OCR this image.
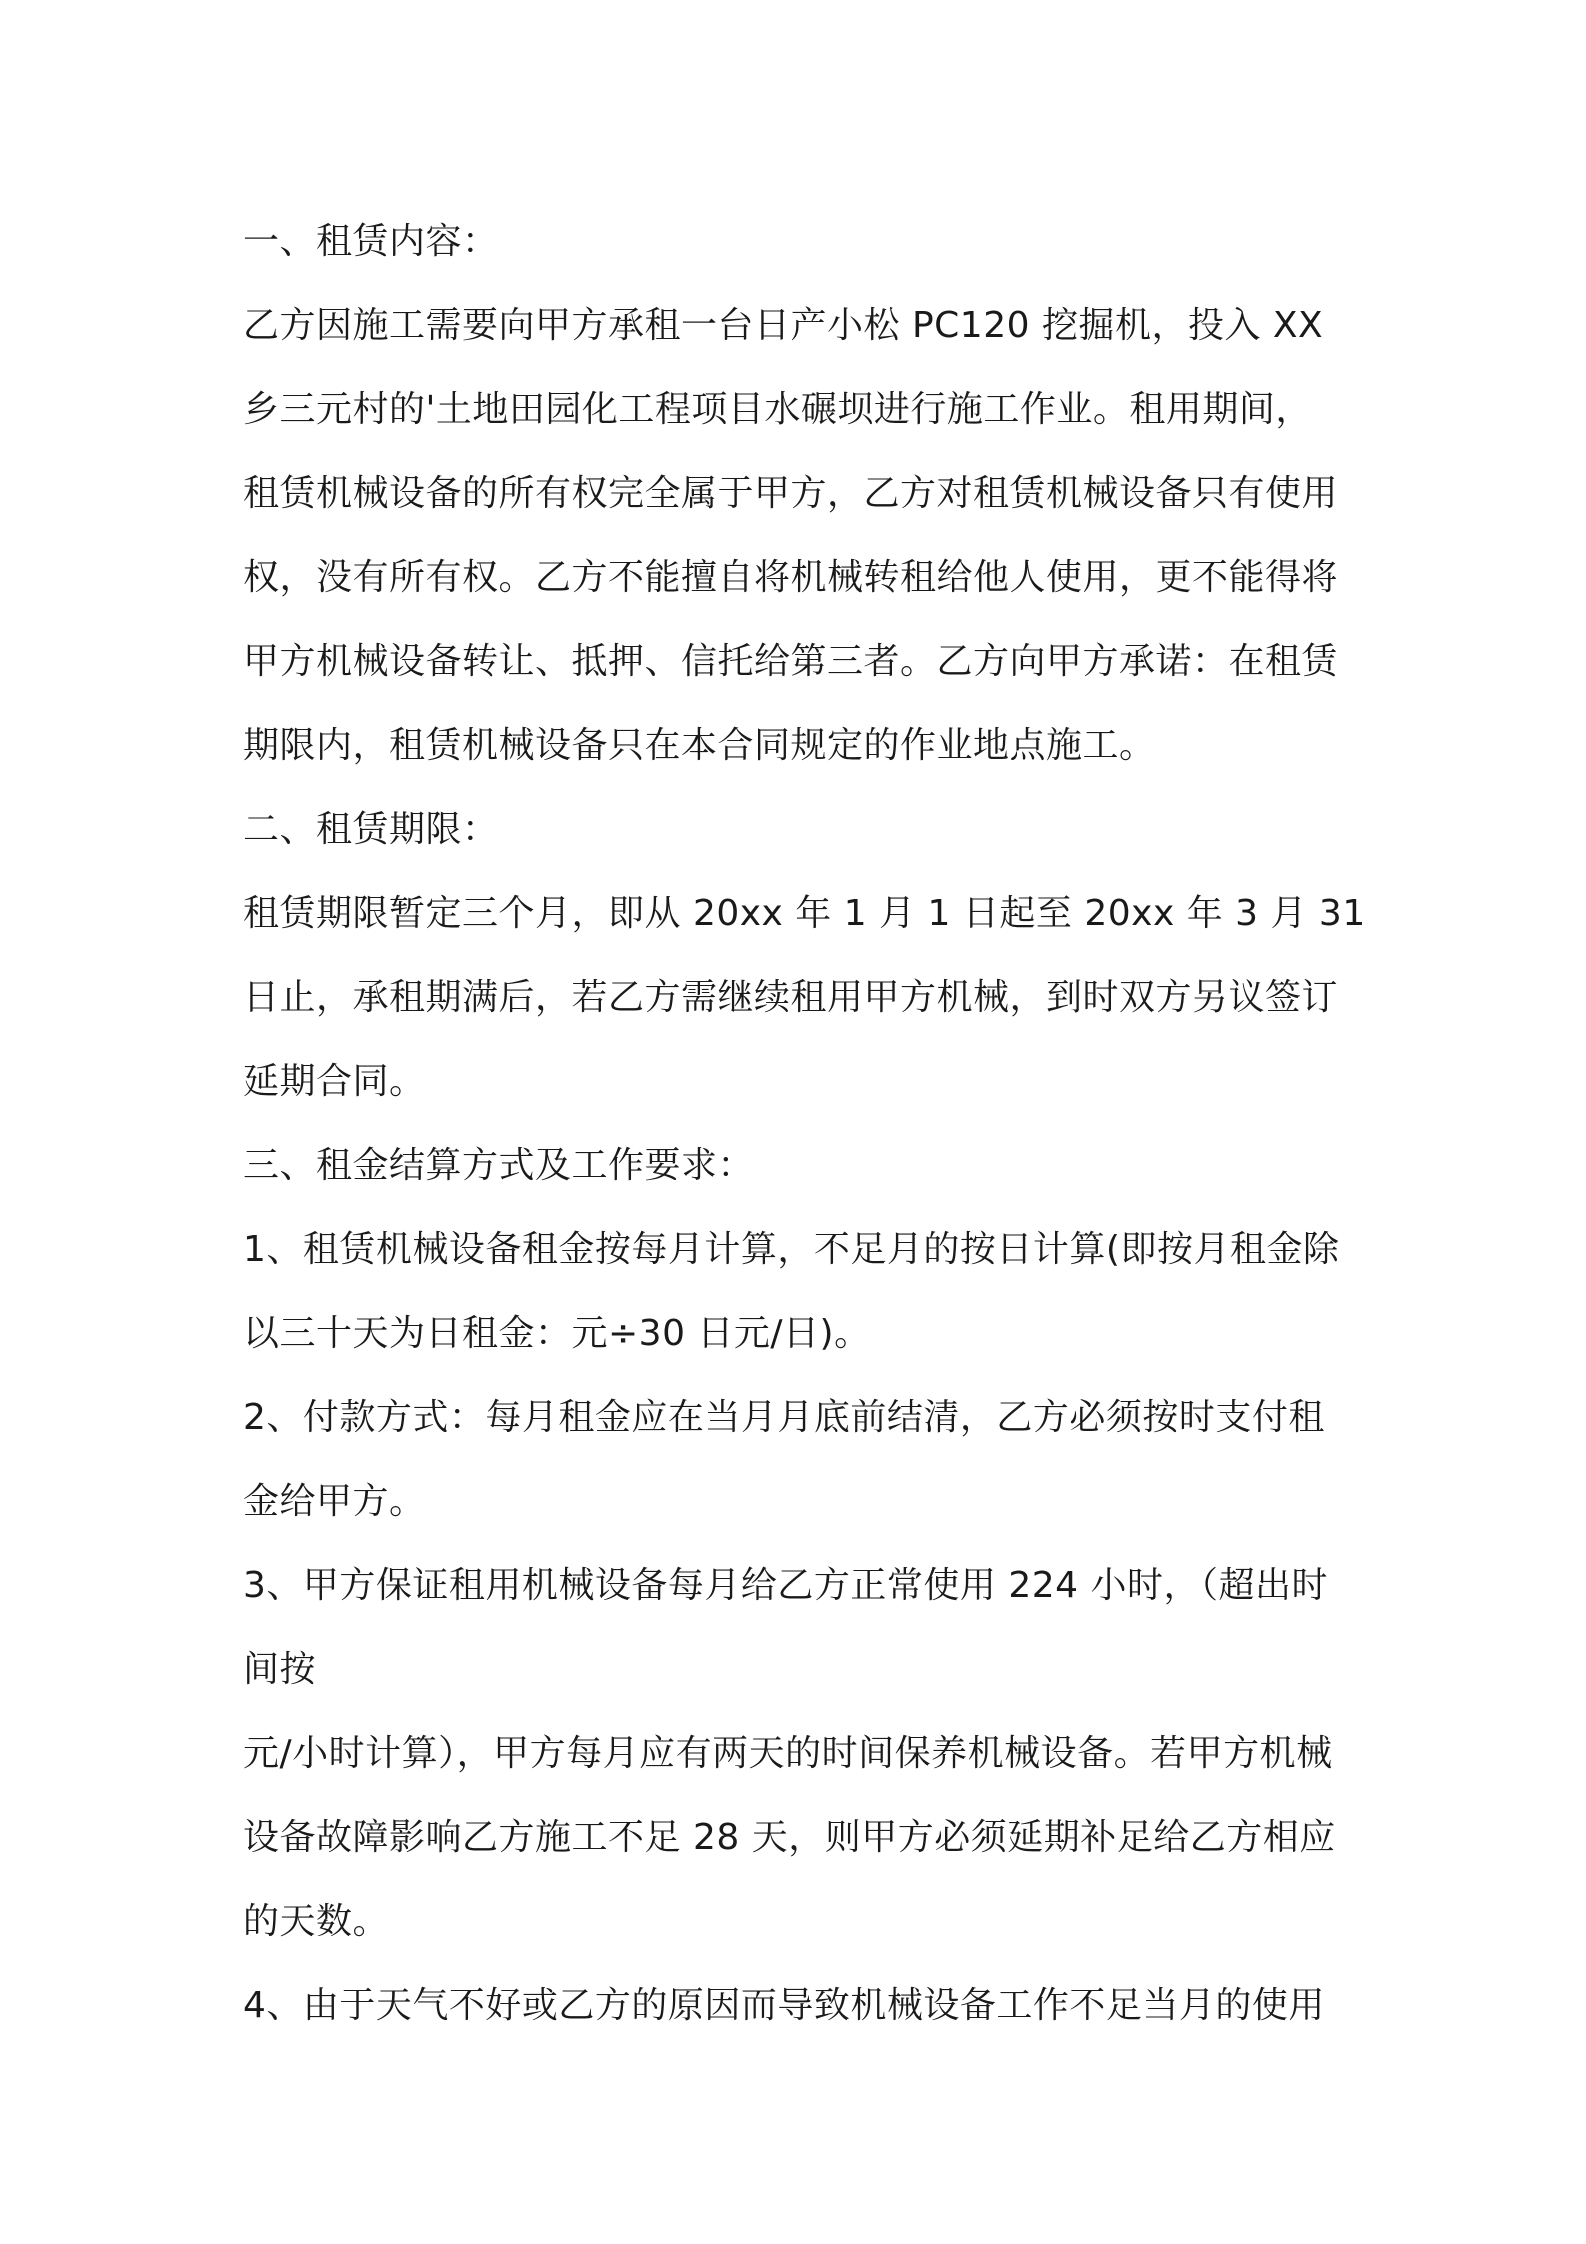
一、租赁内容：
乙方因施工需要向甲方承租一台日产小松 PC120 挖掘机，投入 XX
乡三元村的'土地田园化工程项目水碾坝进行施工作业。租用期间，
租赁机械设备的所有权完全属于甲方，乙方对租赁机械设备只有使用
权，没有所有权。乙方不能擅自将机械转租给他人使用，更不能得将
甲方机械设备转让、抵押、信托给第三者。乙方向甲方承诺：在租赁
期限内，租赁机械设备只在本合同规定的作业地点施工。
二、租赁期限：
租赁期限暂定三个月，即从 20xx 年 1 月 1 日起至 20xx 年 3 月 31
日止，承租期满后，若乙方需继续租用甲方机械，到时双方另议签订
延期合同。
三、租金结算方式及工作要求：
1、租赁机械设备租金按每月计算，不足月的按日计算(即按月租金除
以三十天为日租金：元÷30 日元/日)。
2、付款方式：每月租金应在当月月底前结清，乙方必须按时支付租
金给甲方。
3、甲方保证租用机械设备每月给乙方正常使用 224 小时，（超出时
间按
元/小时计算），甲方每月应有两天的时间保养机械设备。若甲方机械
设备故障影响乙方施工不足 28 天，则甲方必须延期补足给乙方相应
的天数。
4、由于天气不好或乙方的原因而导致机械设备工作不足当月的使用
